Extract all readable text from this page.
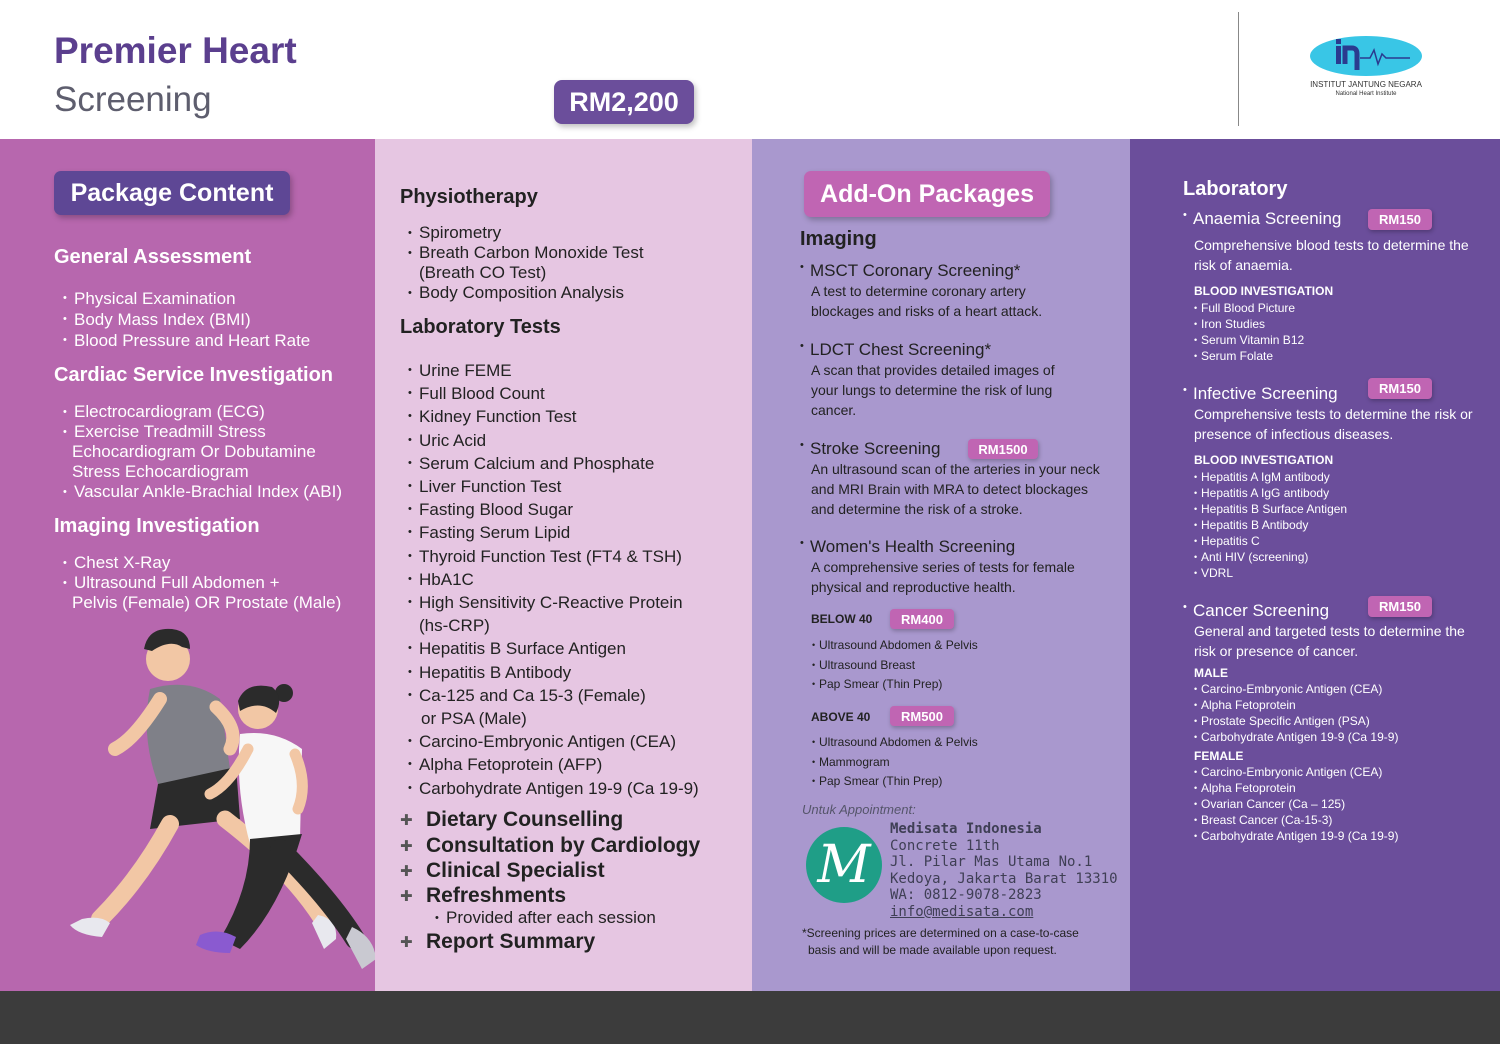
Premier Heart
Screening	RM2,200
INSTITUT JANTUNG NEGARA
National Heart Institute
Package Content
General Assessment
• Physical Examination
• Body Mass Index (BMI)
• Blood Pressure and Heart Rate
Cardiac Service Investigation
• Electrocardiogram (ECG)
• Exercise Treadmill Stress
Echocardiogram Or Dobutamine
Stress Echocardiogram
• Vascular Ankle-Brachial Index (ABI)
Imaging Investigation
• Chest X-Ray
• Ultrasound Full Abdomen +
Pelvis (Female) OR Prostate (Male)
Physiotherapy
• Spirometry
• Breath Carbon Monoxide Test
(Breath CO Test)
• Body Composition Analysis
Laboratory Tests
• Urine FEME
• Full Blood Count
• Kidney Function Test
• Uric Acid
• Serum Calcium and Phosphate
• Liver Function Test
• Fasting Blood Sugar
• Fasting Serum Lipid
• Thyroid Function Test (FT4 & TSH)
• HbA1C
• High Sensitivity C-Reactive Protein
(hs-CRP)
• Hepatitis B Surface Antigen
• Hepatitis B Antibody
• Ca-125 and Ca 15-3 (Female)
or PSA (Male)
• Carcino-Embryonic Antigen (CEA)
• Alpha Fetoprotein (AFP)
• Carbohydrate Antigen 19-9 (Ca 19-9)
✚ Dietary Counselling
✚ Consultation by Cardiology
✚ Clinical Specialist
✚ Refreshments
• Provided after each session
✚ Report Summary
Add-On Packages
Imaging
• MSCT Coronary Screening*
A test to determine coronary artery blockages and risks of a heart attack.
• LDCT Chest Screening*
A scan that provides detailed images of your lungs to determine the risk of lung cancer.
• Stroke Screening	RM1500
An ultrasound scan of the arteries in your neck and MRI Brain with MRA to detect blockages and determine the risk of a stroke.
• Women's Health Screening
A comprehensive series of tests for female physical and reproductive health.
BELOW 40	RM400
• Ultrasound Abdomen & Pelvis
• Ultrasound Breast
• Pap Smear (Thin Prep)
ABOVE 40	RM500
• Ultrasound Abdomen & Pelvis
• Mammogram
• Pap Smear (Thin Prep)
Untuk Appointment:
M
Medisata Indonesia
Concrete 11th
Jl. Pilar Mas Utama No.1
Kedoya, Jakarta Barat 13310
WA: 0812-9078-2823
info@medisata.com
*Screening prices are determined on a case-to-case
basis and will be made available upon request.
Laboratory
• Anaemia Screening	RM150
Comprehensive blood tests to determine the risk of anaemia.
BLOOD INVESTIGATION
• Full Blood Picture
• Iron Studies
• Serum Vitamin B12
• Serum Folate
• Infective Screening	RM150
Comprehensive tests to determine the risk or presence of infectious diseases.
BLOOD INVESTIGATION
• Hepatitis A IgM antibody
• Hepatitis A IgG antibody
• Hepatitis B Surface Antigen
• Hepatitis B Antibody
• Hepatitis C
• Anti HIV (screening)
• VDRL
• Cancer Screening	RM150
General and targeted tests to determine the risk or presence of cancer.
MALE
• Carcino-Embryonic Antigen (CEA)
• Alpha Fetoprotein
• Prostate Specific Antigen (PSA)
• Carbohydrate Antigen 19-9 (Ca 19-9)
FEMALE
• Carcino-Embryonic Antigen (CEA)
• Alpha Fetoprotein
• Ovarian Cancer (Ca – 125)
• Breast Cancer (Ca-15-3)
• Carbohydrate Antigen 19-9 (Ca 19-9)
